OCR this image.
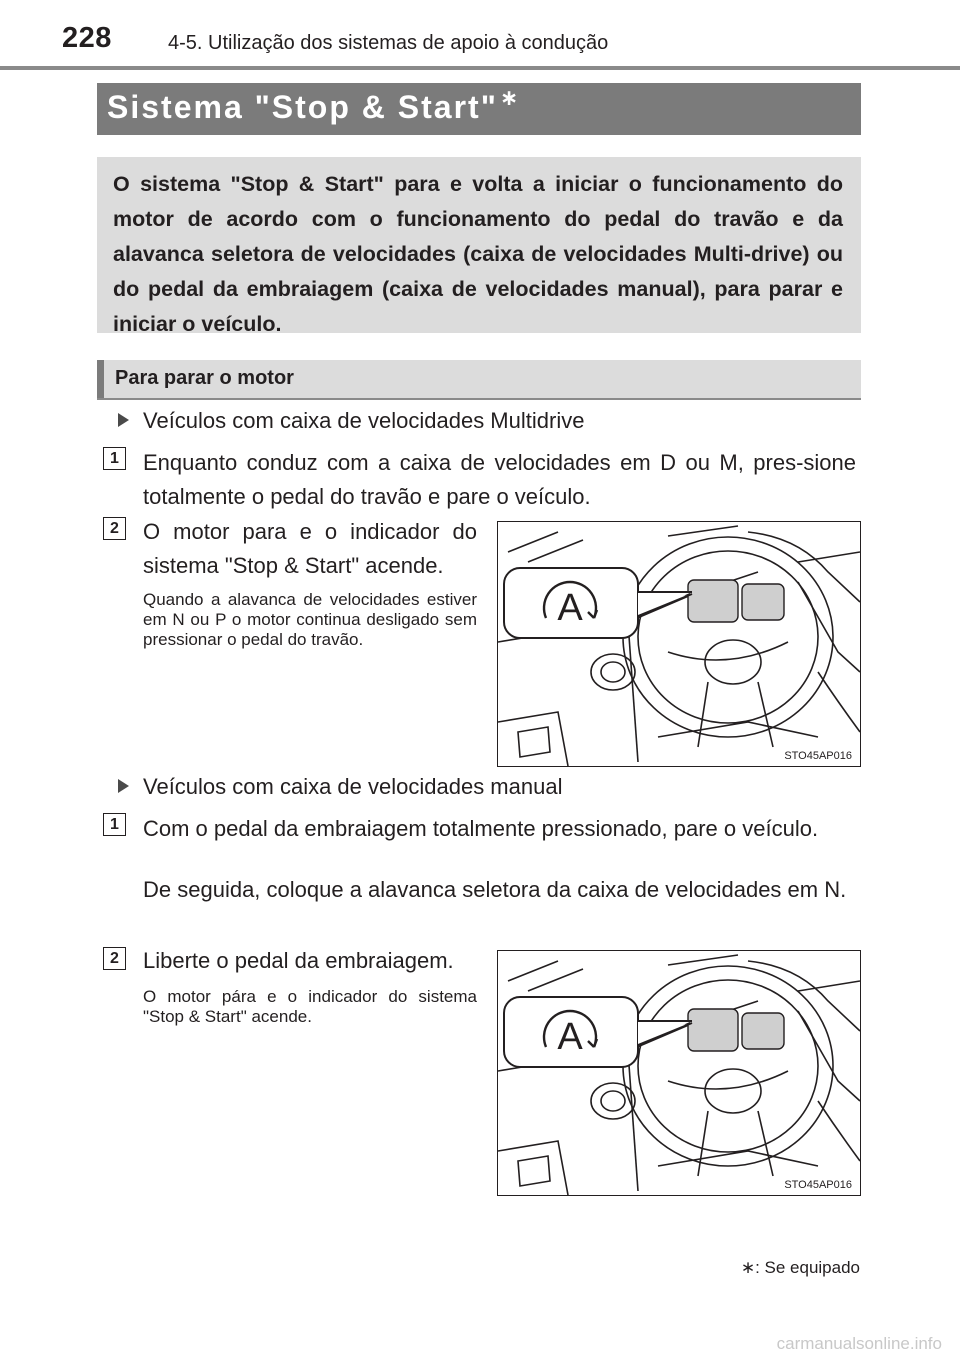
228	4-5. Utilização dos sistemas de apoio à condução
Sistema "Stop & Start"∗

O sistema "Stop & Start" para e volta a iniciar o funcionamento do motor de acordo com o funcionamento do pedal do travão e da alavanca seletora de velocidades (caixa de velocidades Multi-drive) ou do pedal da embraiagem (caixa de velocidades manual), para parar e iniciar o veículo.

Para parar o motor
Veículos com caixa de velocidades Multidrive
1	Enquanto conduz com a caixa de velocidades em D ou M, pres-sione totalmente o pedal do travão e pare o veículo.

2	O motor para e o indicador do sistema "Stop & Start" acende.

Quando a alavanca de velocidades estiver em N ou P o motor continua desligado sem pressionar o pedal do travão.

A
STO45AP016
Veículos com caixa de velocidades manual
1	Com o pedal da embraiagem totalmente pressionado, pare o veículo.

De seguida, coloque a alavanca seletora da caixa de velocidades em N.

2	Liberte o pedal da embraiagem.

O motor pára e o indicador do sistema "Stop & Start" acende.	A
STO45AP016
∗: Se equipado
carmanualsonline.info
